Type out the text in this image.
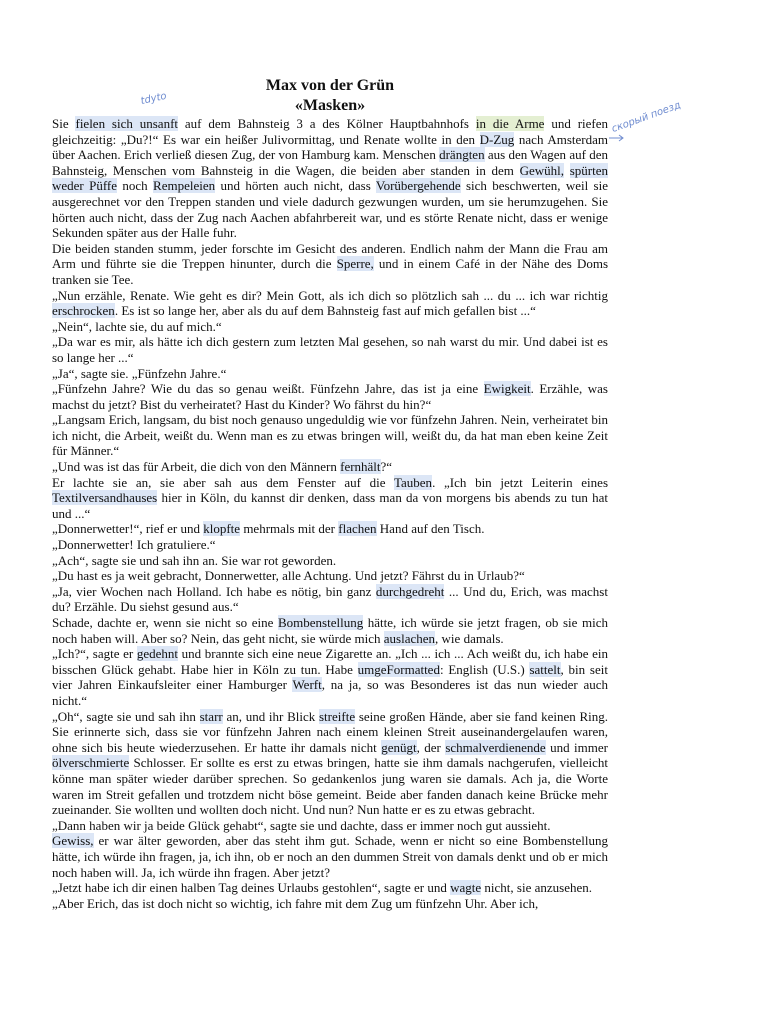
Max von der Grün
«Masken»
tdyto
скорый поезд

Sie fielen sich unsanft auf dem Bahnsteig 3 a des Kölner Hauptbahnhofs in die Arme und riefen gleichzeitig: „Du?!“ Es war ein heißer Julivormittag, und Renate wollte in den D-Zug nach Amsterdam über Aachen. Erich verließ diesen Zug, der von Hamburg kam. Menschen drängten aus den Wagen auf den Bahnsteig, Menschen vom Bahnsteig in die Wagen, die beiden aber standen in dem Gewühl, spürten weder Püffe noch Rempeleien und hörten auch nicht, dass Vorübergehende sich beschwerten, weil sie ausgerechnet vor den Treppen standen und viele dadurch gezwungen wurden, um sie herumzugehen. Sie hörten auch nicht, dass der Zug nach Aachen abfahrbereit war, und es störte Renate nicht, dass er wenige Sekunden später aus der Halle fuhr.

Die beiden standen stumm, jeder forschte im Gesicht des anderen. Endlich nahm der Mann die Frau am Arm und führte sie die Treppen hinunter, durch die Sperre, und in einem Café in der Nähe des Doms tranken sie Tee.

„Nun erzähle, Renate. Wie geht es dir? Mein Gott, als ich dich so plötzlich sah ... du ... ich war richtig erschrocken. Es ist so lange her, aber als du auf dem Bahnsteig fast auf mich gefallen bist ...“

„Nein“, lachte sie, du auf mich.“

„Da war es mir, als hätte ich dich gestern zum letzten Mal gesehen, so nah warst du mir. Und dabei ist es so lange her ...“

„Ja“, sagte sie. „Fünfzehn Jahre.“

„Fünfzehn Jahre? Wie du das so genau weißt. Fünfzehn Jahre, das ist ja eine Ewigkeit. Erzähle, was machst du jetzt? Bist du verheiratet? Hast du Kinder? Wo fährst du hin?“

„Langsam Erich, langsam, du bist noch genauso ungeduldig wie vor fünfzehn Jahren. Nein, verheiratet bin ich nicht, die Arbeit, weißt du. Wenn man es zu etwas bringen will, weißt du, da hat man eben keine Zeit für Männer.“

„Und was ist das für Arbeit, die dich von den Männern fernhält?“

Er lachte sie an, sie aber sah aus dem Fenster auf die Tauben. „Ich bin jetzt Leiterin eines Textilversandhauses hier in Köln, du kannst dir denken, dass man da von morgens bis abends zu tun hat und ...“

„Donnerwetter!“, rief er und klopfte mehrmals mit der flachen Hand auf den Tisch.

„Donnerwetter! Ich gratuliere.“

„Ach“, sagte sie und sah ihn an. Sie war rot geworden.

„Du hast es ja weit gebracht, Donnerwetter, alle Achtung. Und jetzt? Fährst du in Urlaub?“

„Ja, vier Wochen nach Holland. Ich habe es nötig, bin ganz durchgedreht ... Und du, Erich, was machst du? Erzähle. Du siehst gesund aus.“

Schade, dachte er, wenn sie nicht so eine Bombenstellung hätte, ich würde sie jetzt fragen, ob sie mich noch haben will. Aber so? Nein, das geht nicht, sie würde mich auslachen, wie damals.

„Ich?“, sagte er gedehnt und brannte sich eine neue Zigarette an. „Ich ... ich ... Ach weißt du, ich habe ein bisschen Glück gehabt. Habe hier in Köln zu tun. Habe umgeFormatted: English (U.S.) sattelt, bin seit vier Jahren Einkaufsleiter einer Hamburger Werft, na ja, so was Besonderes ist das nun wieder auch nicht.“

„Oh“, sagte sie und sah ihn starr an, und ihr Blick streifte seine großen Hände, aber sie fand keinen Ring. Sie erinnerte sich, dass sie vor fünfzehn Jahren nach einem kleinen Streit auseinandergelaufen waren, ohne sich bis heute wiederzusehen. Er hatte ihr damals nicht genügt, der schmalverdienende und immer ölverschmierte Schlosser. Er sollte es erst zu etwas bringen, hatte sie ihm damals nachgerufen, vielleicht könne man später wieder darüber sprechen. So gedankenlos jung waren sie damals. Ach ja, die Worte waren im Streit gefallen und trotzdem nicht böse gemeint. Beide aber fanden danach keine Brücke mehr zueinander. Sie wollten und wollten doch nicht. Und nun? Nun hatte er es zu etwas gebracht.

„Dann haben wir ja beide Glück gehabt“, sagte sie und dachte, dass er immer noch gut aussieht.

Gewiss, er war älter geworden, aber das steht ihm gut. Schade, wenn er nicht so eine Bombenstellung hätte, ich würde ihn fragen, ja, ich ihn, ob er noch an den dummen Streit von damals denkt und ob er mich noch haben will. Ja, ich würde ihn fragen. Aber jetzt?

„Jetzt habe ich dir einen halben Tag deines Urlaubs gestohlen“, sagte er und wagte nicht, sie anzusehen.

„Aber Erich, das ist doch nicht so wichtig, ich fahre mit dem Zug um fünfzehn Uhr. Aber ich,
